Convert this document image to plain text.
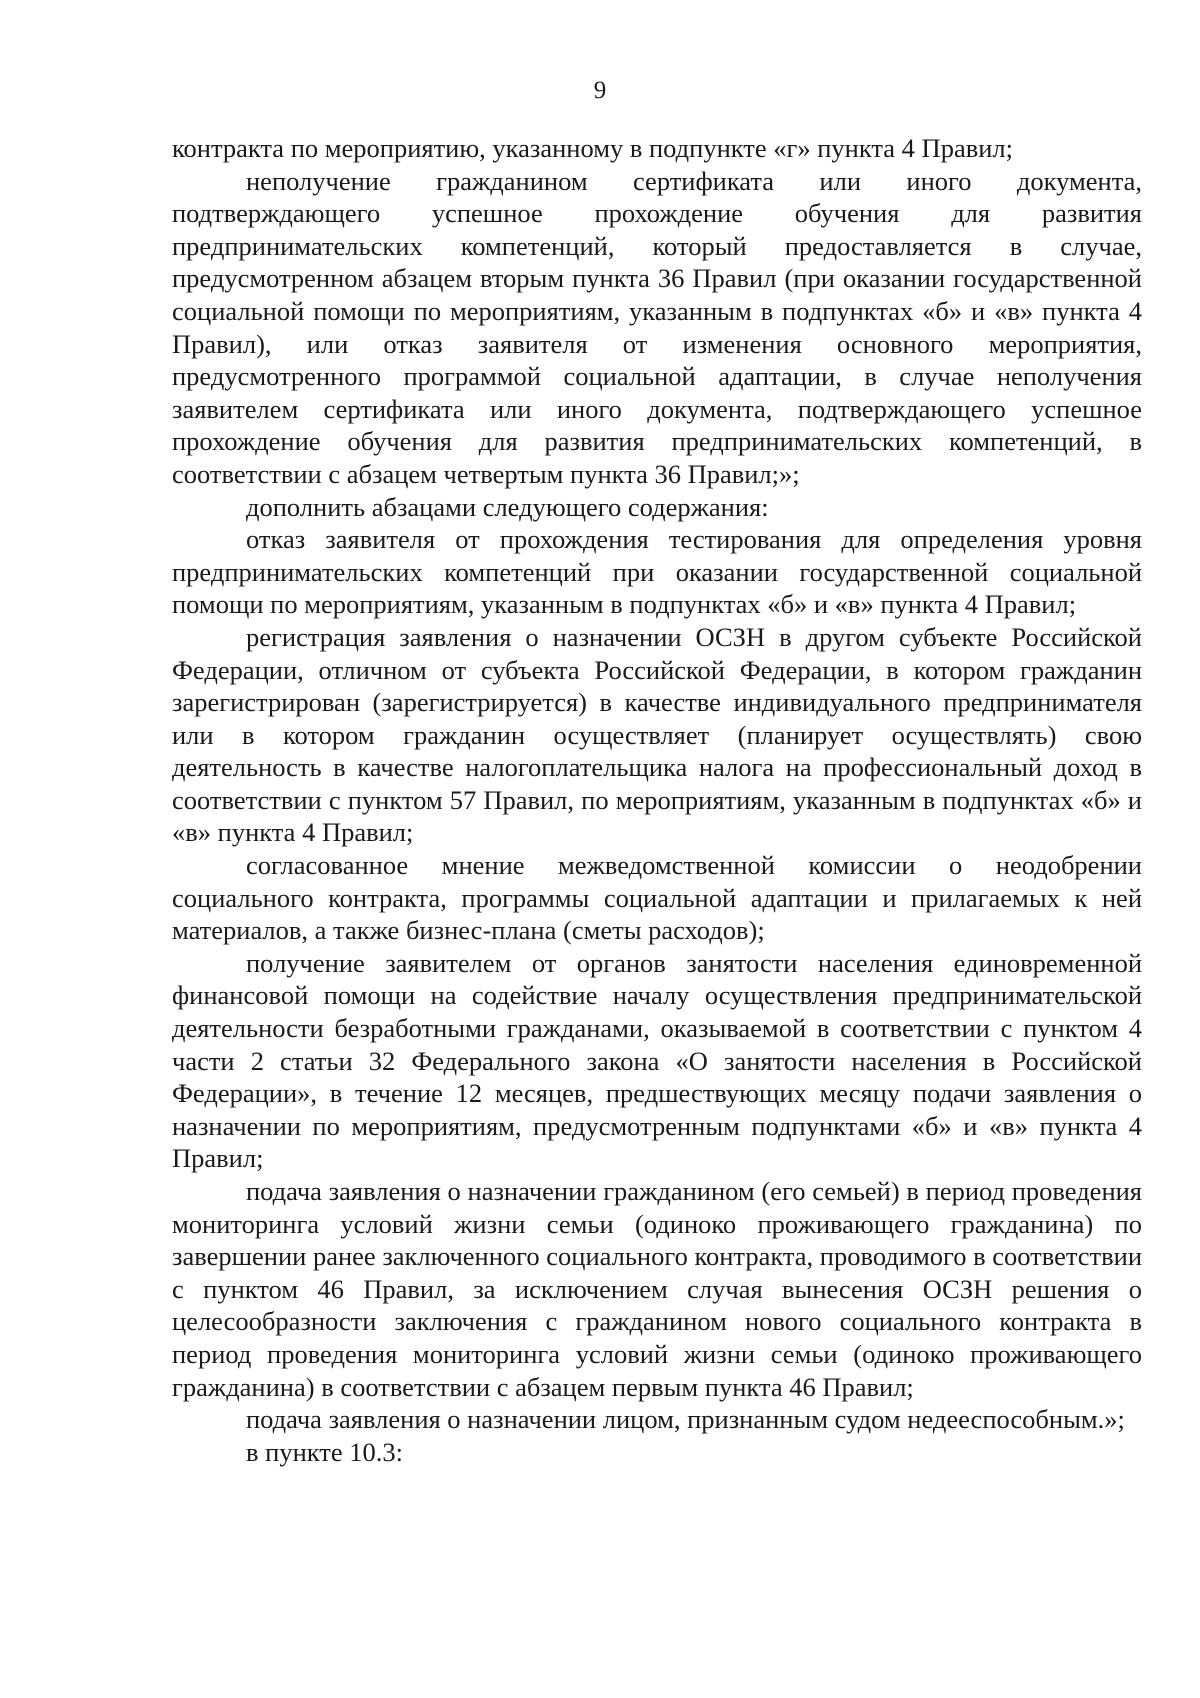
9

контракта по мероприятию, указанному в подпункте «г» пункта 4 Правил;

неполучение гражданином сертификата или иного документа, подтверждающего успешное прохождение обучения для развития предпринимательских компетенций, который предоставляется в случае, предусмотренном абзацем вторым пункта 36 Правил (при оказании государственной социальной помощи по мероприятиям, указанным в подпунктах «б» и «в» пункта 4 Правил), или отказ заявителя от изменения основного мероприятия, предусмотренного программой социальной адаптации, в случае неполучения заявителем сертификата или иного документа, подтверждающего успешное прохождение обучения для развития предпринимательских компетенций, в соответствии с абзацем четвертым пункта 36 Правил;»;

дополнить абзацами следующего содержания:

отказ заявителя от прохождения тестирования для определения уровня предпринимательских компетенций при оказании государственной социальной помощи по мероприятиям, указанным в подпунктах «б» и «в» пункта 4 Правил;

регистрация заявления о назначении ОСЗН в другом субъекте Российской Федерации, отличном от субъекта Российской Федерации, в котором гражданин зарегистрирован (зарегистрируется) в качестве индивидуального предпринимателя или в котором гражданин осуществляет (планирует осуществлять) свою деятельность в качестве налогоплательщика налога на профессиональный доход в соответствии с пунктом 57 Правил, по мероприятиям, указанным в подпунктах «б» и «в» пункта 4 Правил;

согласованное мнение межведомственной комиссии о неодобрении социального контракта, программы социальной адаптации и прилагаемых к ней материалов, а также бизнес-плана (сметы расходов);

получение заявителем от органов занятости населения единовременной финансовой помощи на содействие началу осуществления предпринимательской деятельности безработными гражданами, оказываемой в соответствии с пунктом 4 части 2 статьи 32 Федерального закона «О занятости населения в Российской Федерации», в течение 12 месяцев, предшествующих месяцу подачи заявления о назначении по мероприятиям, предусмотренным подпунктами «б» и «в» пункта 4 Правил;

подача заявления о назначении гражданином (его семьей) в период проведения мониторинга условий жизни семьи (одиноко проживающего гражданина) по завершении ранее заключенного социального контракта, проводимого в соответствии с пунктом 46 Правил, за исключением случая вынесения ОСЗН решения о целесообразности заключения с гражданином нового социального контракта в период проведения мониторинга условий жизни семьи (одиноко проживающего гражданина) в соответствии с абзацем первым пункта 46 Правил;

подача заявления о назначении лицом, признанным судом недееспособным.»;

в пункте 10.3:
